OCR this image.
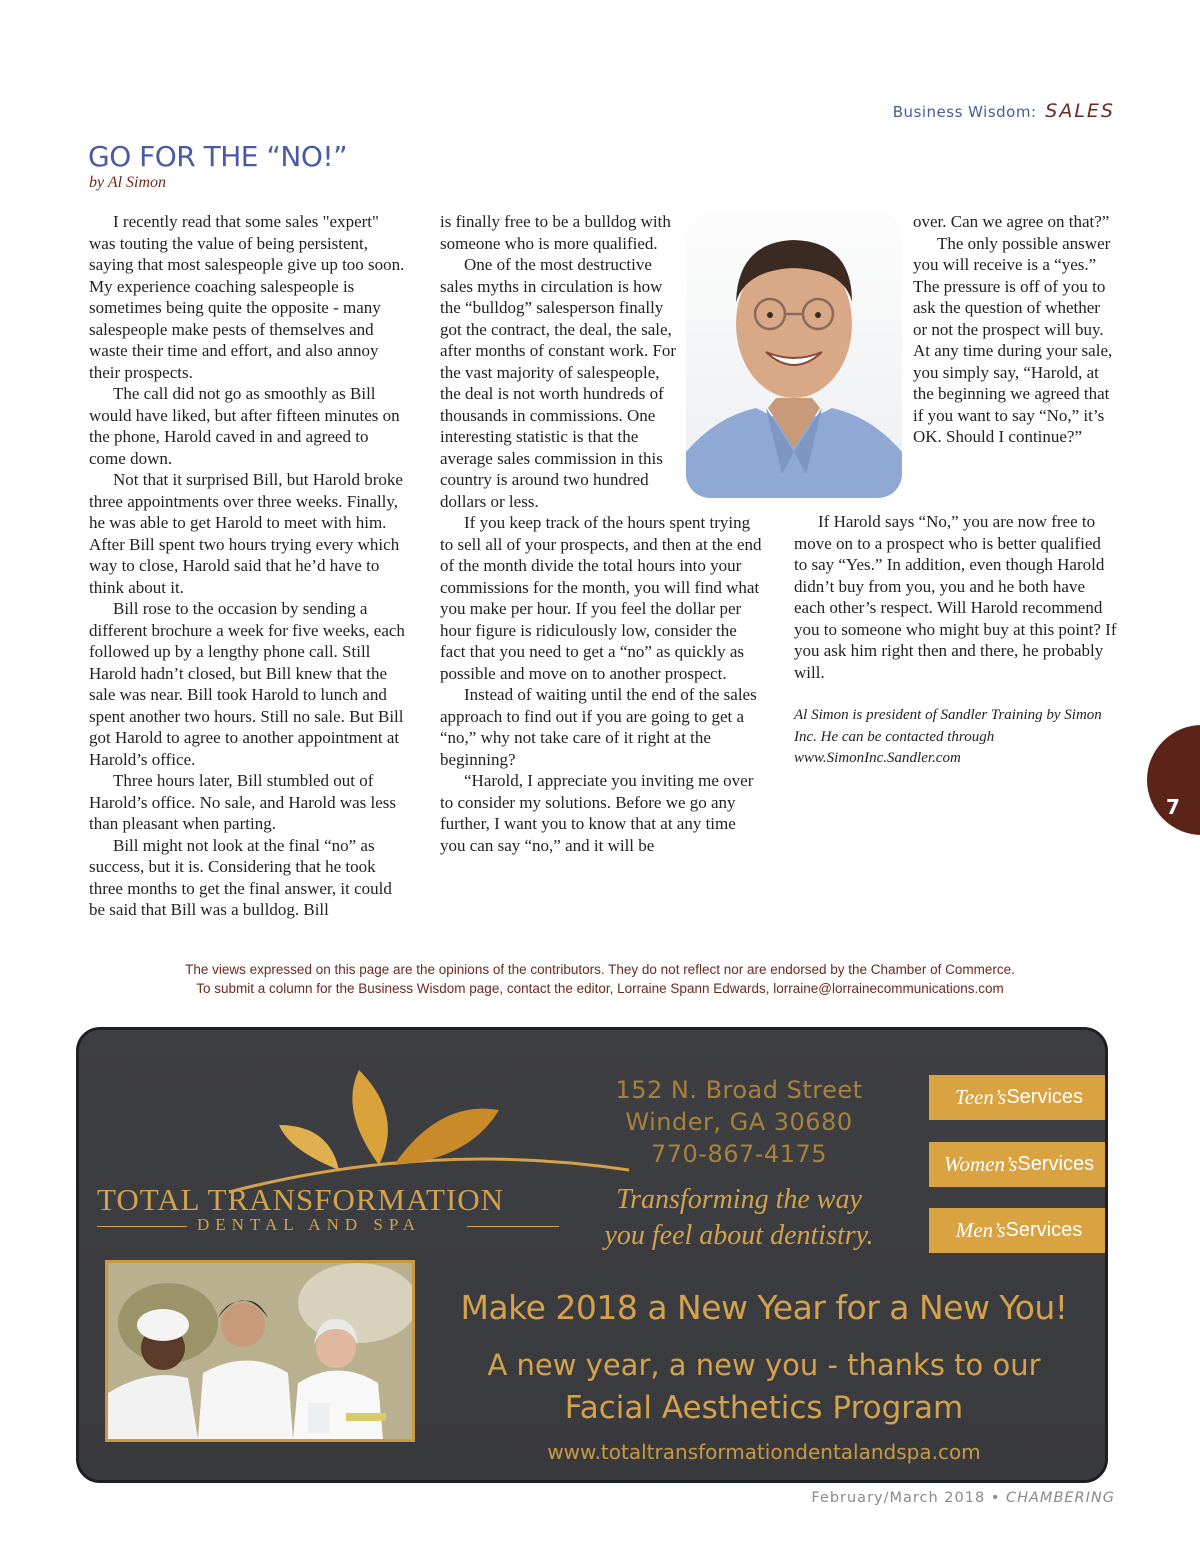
Business Wisdom: SALES
GO FOR THE “NO!”
by Al Simon

I recently read that some sales "expert" was touting the value of being persistent, saying that most salespeople give up too soon. My experience coaching salespeople is sometimes being quite the opposite - many salespeople make pests of themselves and waste their time and effort, and also annoy their prospects.

The call did not go as smoothly as Bill would have liked, but after fifteen minutes on the phone, Harold caved in and agreed to come down.

Not that it surprised Bill, but Harold broke three appointments over three weeks. Finally, he was able to get Harold to meet with him. After Bill spent two hours trying every which way to close, Harold said that he’d have to think about it.

Bill rose to the occasion by sending a different brochure a week for five weeks, each followed up by a lengthy phone call. Still Harold hadn’t closed, but Bill knew that the sale was near. Bill took Harold to lunch and spent another two hours. Still no sale. But Bill got Harold to agree to another appointment at Harold’s office.

Three hours later, Bill stumbled out of Harold’s office. No sale, and Harold was less than pleasant when parting.

Bill might not look at the final “no” as success, but it is. Considering that he took three months to get the final answer, it could be said that Bill was a bulldog. Bill

is finally free to be a bulldog with someone who is more qualified.

One of the most destructive sales myths in circulation is how the “bulldog” salesperson finally got the contract, the deal, the sale, after months of constant work. For the vast majority of salespeople, the deal is not worth hundreds of thousands in commissions. One interesting statistic is that the average sales commission in this country is around two hundred dollars or less.

If you keep track of the hours spent trying to sell all of your prospects, and then at the end of the month divide the total hours into your commissions for the month, you will find what you make per hour. If you feel the dollar per hour figure is ridiculously low, consider the fact that you need to get a “no” as quickly as possible and move on to another prospect.

Instead of waiting until the end of the sales approach to find out if you are going to get a “no,” why not take care of it right at the beginning?

“Harold, I appreciate you inviting me over to consider my solutions. Before we go any further, I want you to know that at any time you can say “no,” and it will be

over. Can we agree on that?”

The only possible answer you will receive is a “yes.” The pressure is off of you to ask the question of whether or not the prospect will buy. At any time during your sale, you simply say, “Harold, at the beginning we agreed that if you want to say “No,” it’s OK. Should I continue?”

If Harold says “No,” you are now free to move on to a prospect who is better qualified to say “Yes.” In addition, even though Harold didn’t buy from you, you and he both have each other’s respect. Will Harold recommend you to someone who might buy at this point? If you ask him right then and there, he probably will.

Al Simon is president of Sandler Training by Simon Inc. He can be contacted through www.SimonInc.Sandler.com

7
The views expressed on this page are the opinions of the contributors. They do not reflect nor are endorsed by the Chamber of Commerce.
To submit a column for the Business Wisdom page, contact the editor, Lorraine Spann Edwards, lorraine@lorrainecommunications.com
TOTAL TRANSFORMATION
DENTAL AND SPA
152 N. Broad Street
Winder, GA 30680
770-867-4175
Transforming the way
you feel about dentistry.
Teen’s Services
Women’s Services
Men’s Services
Make 2018 a New Year for a New You!
A new year, a new you - thanks to our
Facial Aesthetics Program
www.totaltransformationdentalandspa.com
February/March 2018 • CHAMBERING
